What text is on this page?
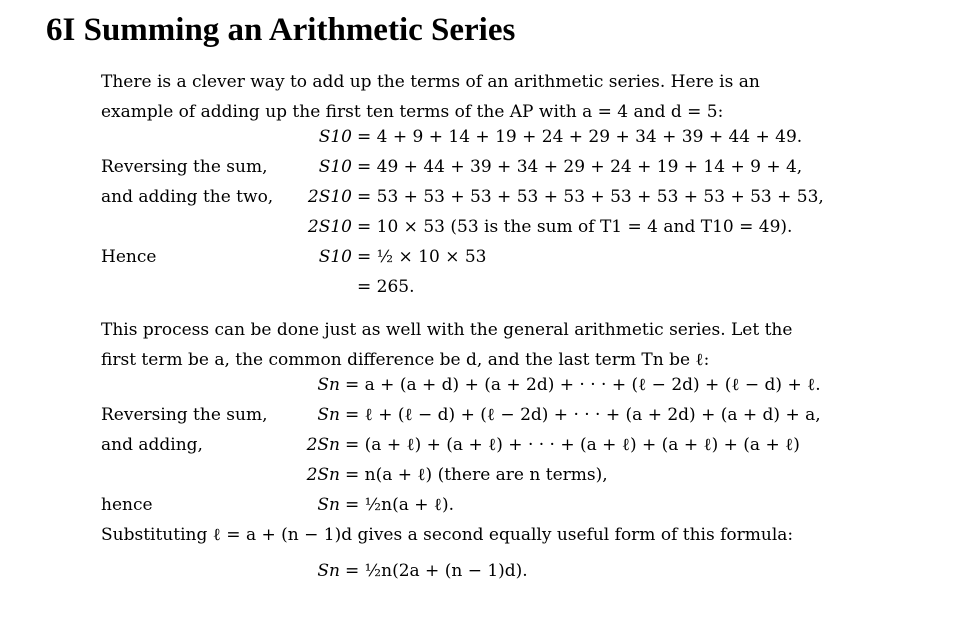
6I Summing an Arithmetic Series
There is a clever way to add up the terms of an arithmetic series. Here is an
example of adding up the first ten terms of the AP with a = 4 and d = 5:
S10 = 4 + 9 + 14 + 19 + 24 + 29 + 34 + 39 + 44 + 49.
Reversing the sum,	S10 = 49 + 44 + 39 + 34 + 29 + 24 + 19 + 14 + 9 + 4,
and adding the two,	2S10 = 53 + 53 + 53 + 53 + 53 + 53 + 53 + 53 + 53 + 53,
2S10 = 10 × 53 (53 is the sum of T1 = 4 and T10 = 49).
Hence	S10 = ½ × 10 × 53
= 265.
This process can be done just as well with the general arithmetic series. Let the
first term be a, the common difference be d, and the last term Tn be ℓ:
Sn = a + (a + d) + (a + 2d) + · · · + (ℓ − 2d) + (ℓ − d) + ℓ.
Reversing the sum,	Sn = ℓ + (ℓ − d) + (ℓ − 2d) + · · · + (a + 2d) + (a + d) + a,
and adding,	2Sn = (a + ℓ) + (a + ℓ) + · · · + (a + ℓ) + (a + ℓ) + (a + ℓ)
2Sn = n(a + ℓ) (there are n terms),
hence	Sn = ½n(a + ℓ).
Substituting ℓ = a + (n − 1)d gives a second equally useful form of this formula:
Sn = ½n(2a + (n − 1)d).
